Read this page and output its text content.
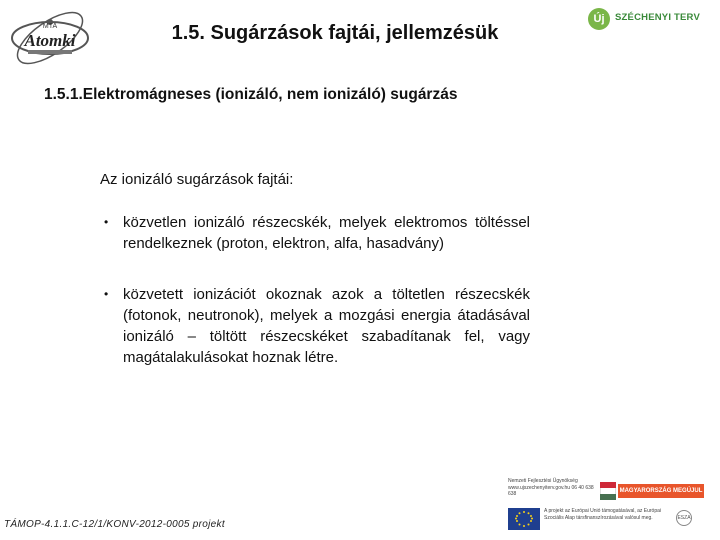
MTA
Atomki	1.5. Sugárzások fajtái, jellemzésük
Új	SZÉCHENYI TERV
1.5.1.Elektromágneses (ionizáló, nem ionizáló) sugárzás
Az ionizáló sugárzások fajtái:
• közvetlen ionizáló részecskék, melyek elektromos töltéssel rendelkeznek (proton, elektron, alfa, hasadvány)
• közvetett ionizációt okoznak azok a töltetlen részecskék (fotonok, neutronok), melyek a mozgási energia átadásával ionizáló – töltött részecskéket szabadítanak fel, vagy magátalakulásokat hoznak létre.
TÁMOP-4.1.1.C-12/1/KONV-2012-0005 projekt
Nemzeti Fejlesztési Ügynökség www.ujszechenyiterv.gov.hu 06 40 638 638	MAGYARORSZÁG MEGÚJUL
A projekt az Európai Unió támogatásával, az Európai Szociális Alap társfinanszírozásával valósul meg.	ESZA
